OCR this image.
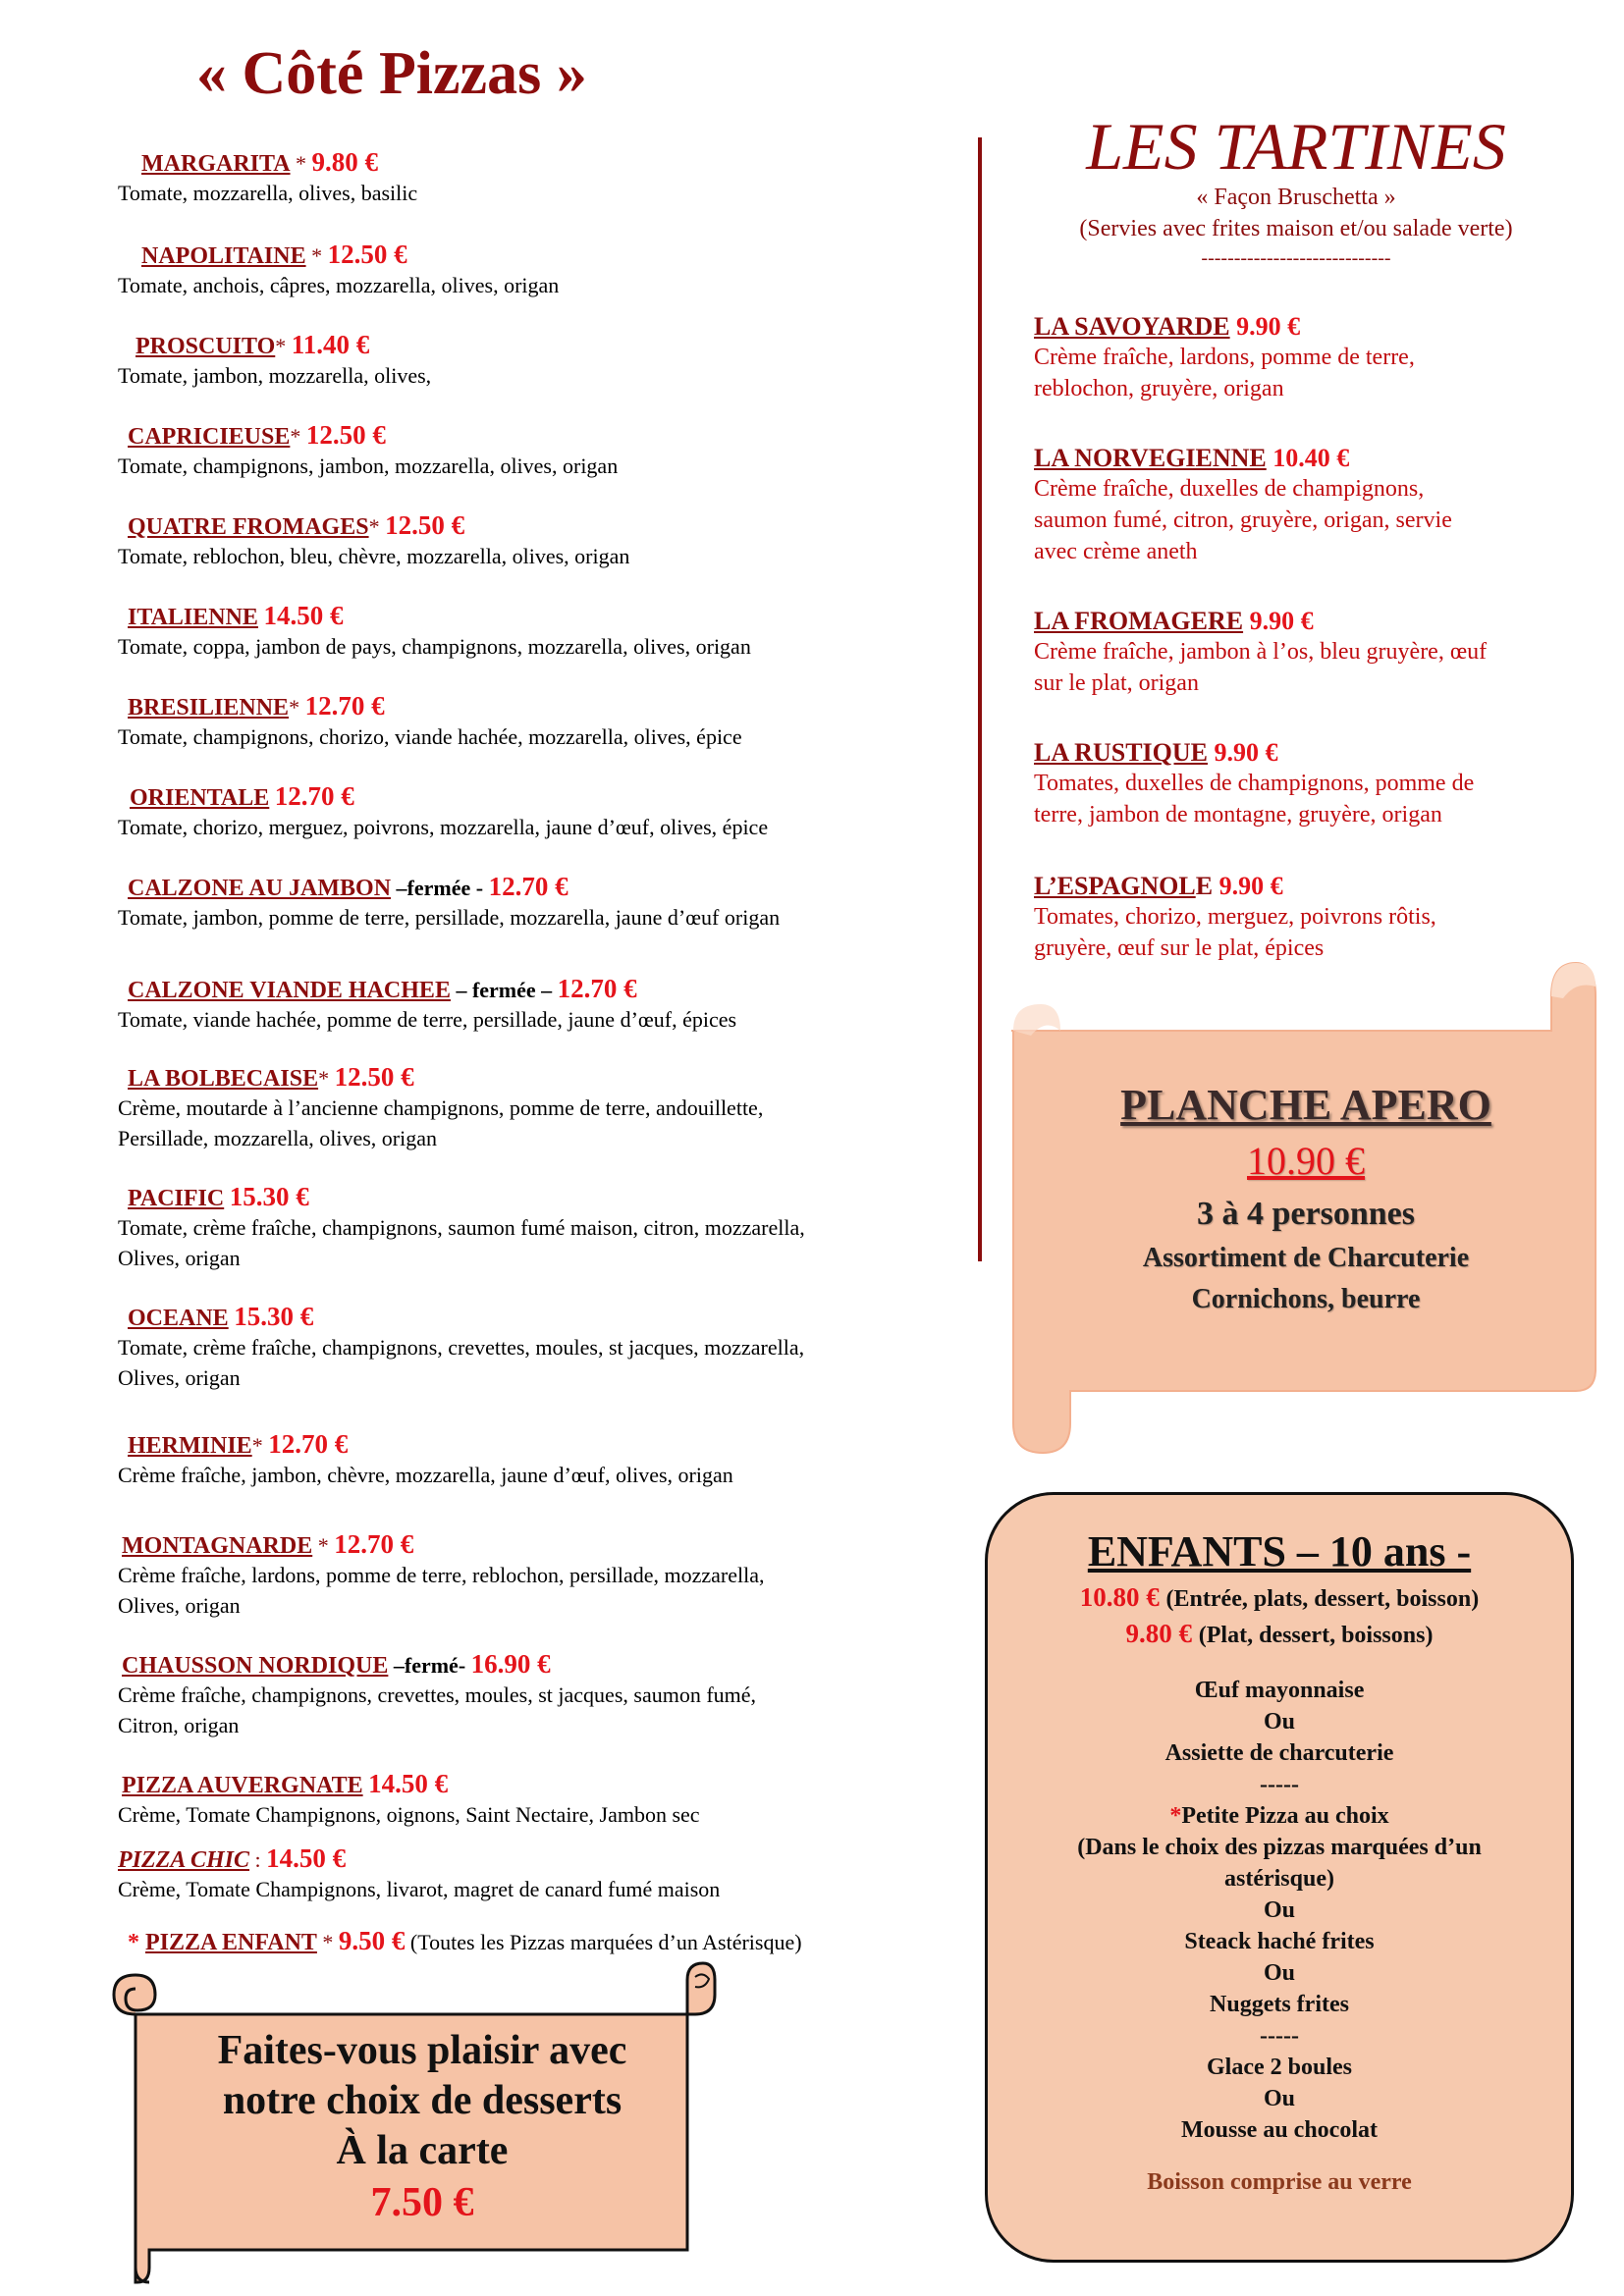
« Côté Pizzas »
MARGARITA * 9.80 €
Tomate, mozzarella, olives, basilic
NAPOLITAINE * 12.50 €
Tomate, anchois, câpres, mozzarella, olives, origan
PROSCUITO* 11.40 €
Tomate, jambon, mozzarella, olives,
CAPRICIEUSE* 12.50 €
Tomate, champignons, jambon, mozzarella, olives, origan
QUATRE FROMAGES* 12.50 €
Tomate, reblochon, bleu, chèvre, mozzarella, olives, origan
ITALIENNE 14.50 €
Tomate, coppa, jambon de pays, champignons, mozzarella, olives, origan
BRESILIENNE* 12.70 €
Tomate, champignons, chorizo, viande hachée, mozzarella, olives, épice
ORIENTALE 12.70 €
Tomate, chorizo, merguez, poivrons, mozzarella, jaune d’œuf, olives, épice
CALZONE AU JAMBON –fermée - 12.70 €
Tomate, jambon, pomme de terre, persillade, mozzarella, jaune d’œuf origan
CALZONE VIANDE HACHEE – fermée – 12.70 €
Tomate, viande hachée, pomme de terre, persillade, jaune d’œuf, épices
LA BOLBECAISE* 12.50 €
Crème, moutarde à l’ancienne champignons, pomme de terre, andouillette,
Persillade, mozzarella, olives, origan
PACIFIC 15.30 €
Tomate, crème fraîche, champignons, saumon fumé maison, citron, mozzarella,
Olives, origan
OCEANE 15.30 €
Tomate, crème fraîche, champignons, crevettes, moules, st jacques, mozzarella,
Olives, origan
HERMINIE* 12.70 €
Crème fraîche, jambon, chèvre, mozzarella, jaune d’œuf, olives, origan
MONTAGNARDE * 12.70 €
Crème fraîche, lardons, pomme de terre, reblochon, persillade, mozzarella,
Olives, origan
CHAUSSON NORDIQUE –fermé- 16.90 €
Crème fraîche, champignons, crevettes, moules, st jacques, saumon fumé,
Citron, origan
PIZZA AUVERGNATE 14.50 €
Crème, Tomate Champignons, oignons, Saint Nectaire, Jambon sec
PIZZA CHIC : 14.50 €
Crème, Tomate Champignons, livarot, magret de canard fumé maison
* PIZZA ENFANT * 9.50 € (Toutes les Pizzas marquées d’un Astérisque)
LES TARTINES
« Façon Bruschetta »
(Servies avec frites maison et/ou salade verte)
-----------------------------
LA SAVOYARDE 9.90 €
Crème fraîche, lardons, pomme de terre,
reblochon, gruyère, origan
LA NORVEGIENNE 10.40 €
Crème fraîche, duxelles de champignons,
saumon fumé, citron, gruyère, origan, servie
avec crème aneth
LA FROMAGERE 9.90 €
Crème fraîche, jambon à l’os, bleu gruyère, œuf
sur le plat, origan
LA RUSTIQUE 9.90 €
Tomates, duxelles de champignons, pomme de
terre, jambon de montagne, gruyère, origan
L’ESPAGNOLE 9.90 €
Tomates, chorizo, merguez, poivrons rôtis,
gruyère, œuf sur le plat, épices
PLANCHE APERO
10.90 €
3 à 4 personnes
Assortiment de Charcuterie
Cornichons, beurre
Faites-vous plaisir avec
notre choix de desserts
À la carte
7.50 €
ENFANTS – 10 ans -
10.80 € (Entrée, plats, dessert, boisson)
9.80 € (Plat, dessert, boissons)
Œuf mayonnaise
Ou
Assiette de charcuterie
-----
*Petite Pizza au choix
(Dans le choix des pizzas marquées d’un
astérisque)
Ou
Steack haché frites
Ou
Nuggets frites
-----
Glace 2 boules
Ou
Mousse au chocolat
Boisson comprise au verre
